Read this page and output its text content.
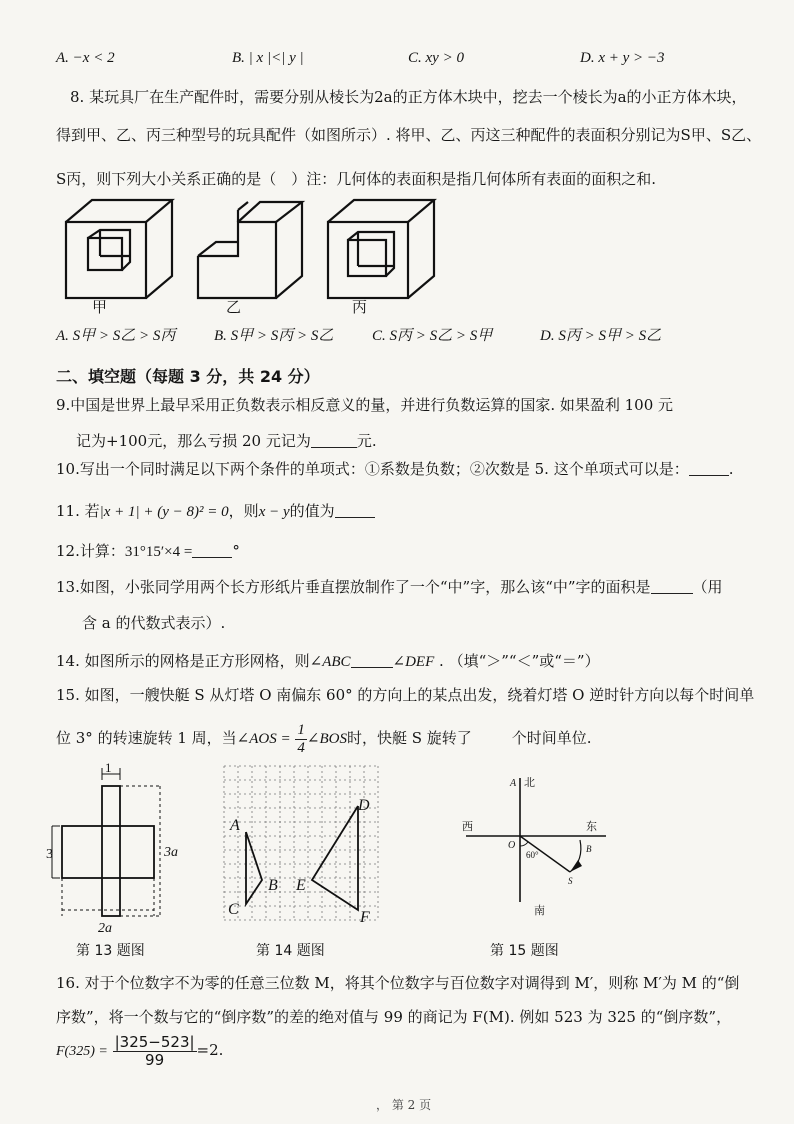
A. −x < 2	B. | x |<| y |	C. xy > 0	D. x + y > −3
8. 某玩具厂在生产配件时，需要分别从棱长为2a的正方体木块中，挖去一个棱长为a的小正方体木块，
得到甲、乙、丙三种型号的玩具配件（如图所示）. 将甲、乙、丙这三种配件的表面积分别记为S甲、S乙、
S丙，则下列大小关系正确的是（　）注：几何体的表面积是指几何体所有表面的面积之和.
甲	乙	丙
A. S甲 > S乙 > S丙	B. S甲 > S丙 > S乙	C. S丙 > S乙 > S甲	D. S丙 > S甲 > S乙
二、填空题（每题 3 分，共 24 分）
9.中国是世界上最早采用正负数表示相反意义的量，并进行负数运算的国家. 如果盈利 100 元
记为+100元，那么亏损 20 元记为	元.
10.写出一个同时满足以下两个条件的单项式：①系数是负数；②次数是 5. 这个单项式可以是：	.
11. 若|x + 1| + (y − 8)² = 0，则x − y的值为
12.计算：31°15′×4 =	°
13.如图，小张同学用两个长方形纸片垂直摆放制作了一个“中”字，那么该“中”字的面积是	（用
含 a 的代数式表示）.
14. 如图所示的网格是正方形网格，则∠ABC	∠DEF . （填“＞”“＜”或“＝”）
15. 如图，一艘快艇 S 从灯塔 O 南偏东 60° 的方向上的某点出发，绕着灯塔 O 逆时针方向以每个时间单
位 3° 的转速旋转 1 周，当∠AOS = $\frac{1}{4}$ ∠BOS时，快艇 S 旋转了	个时间单位.
1
3	3a
2a
第 13 题图
A
B
C
D
E
F
第 14 题图
A 北
西	东
南
O
60°
B
S
第 15 题图
16. 对于个位数字不为零的任意三位数 M，将其个位数字与百位数字对调得到 M′，则称 M′为 M 的“倒
序数”，将一个数与它的“倒序数”的差的绝对值与 99 的商记为 F(M). 例如 523 为 325 的“倒序数”，
$F(325) = \frac{|325-523|}{99} =2$.
， 第 2 页
